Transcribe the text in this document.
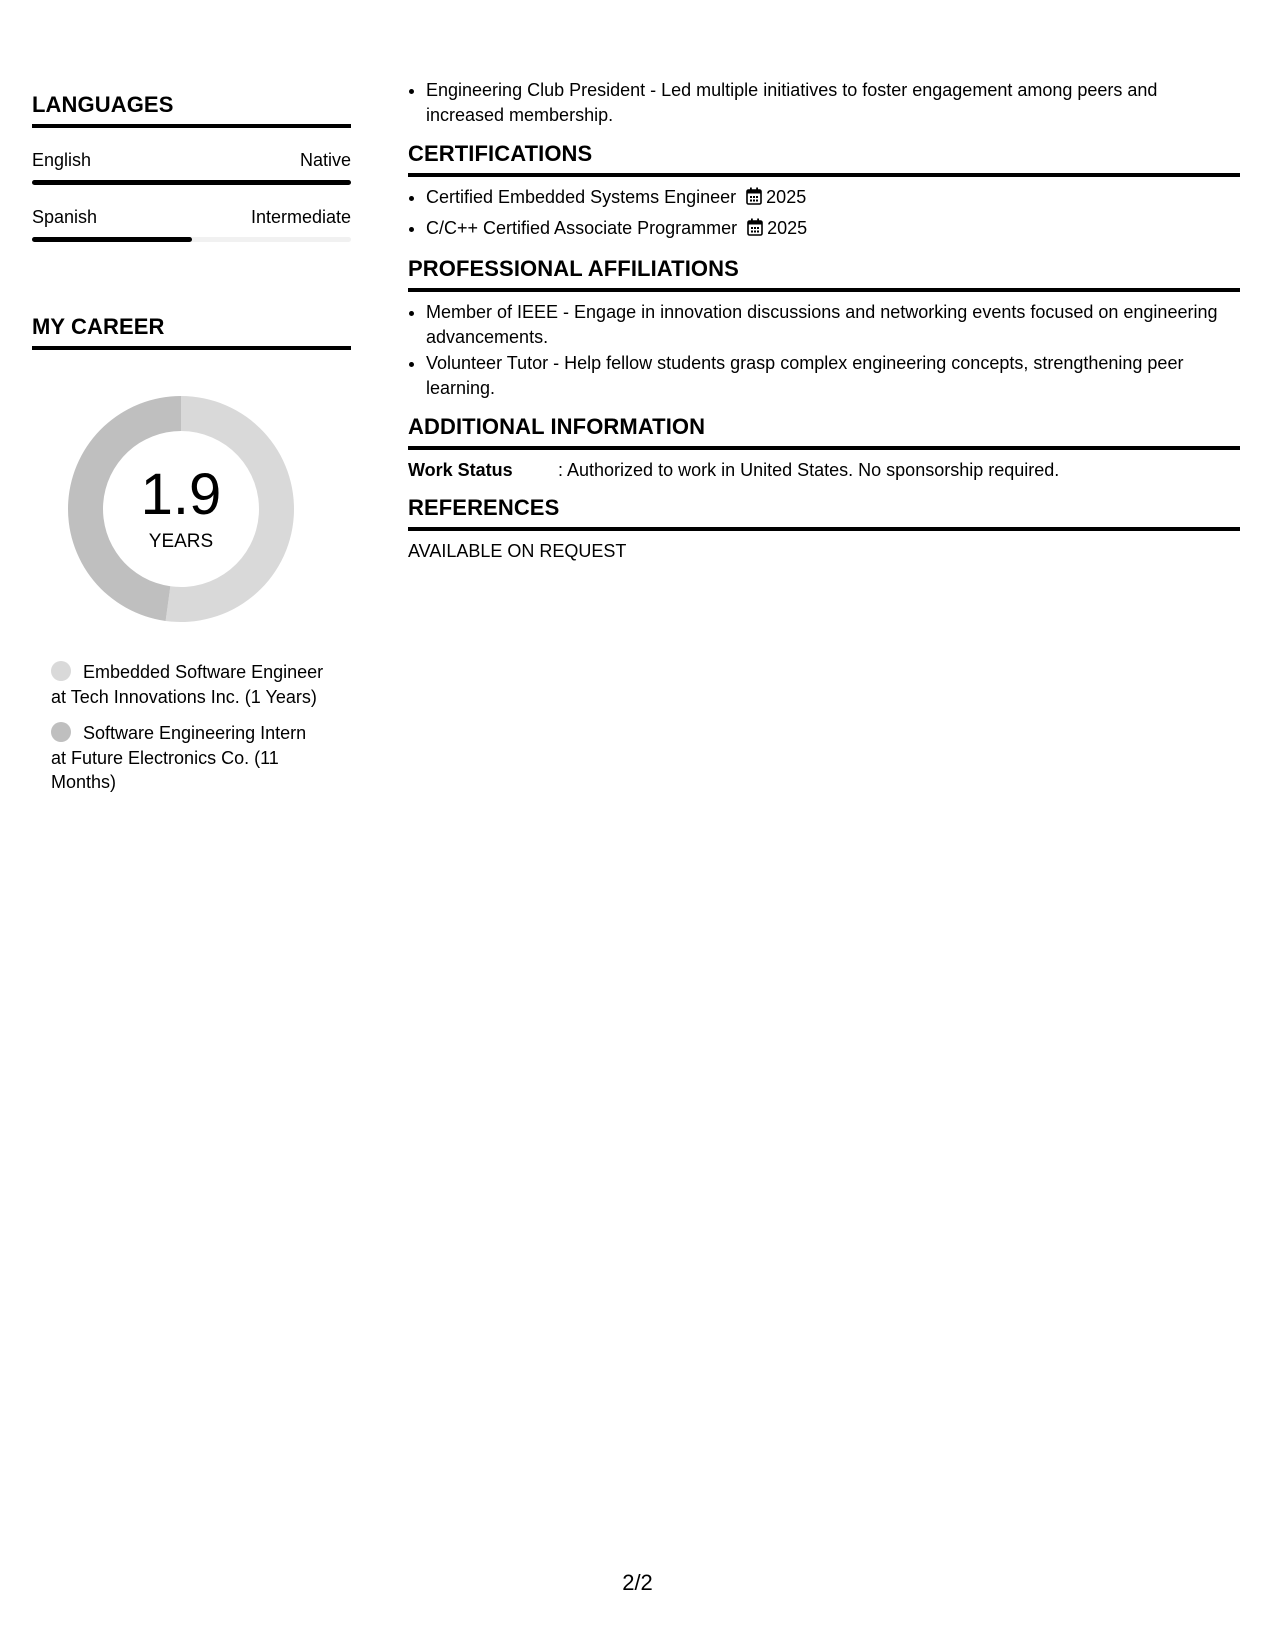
LANGUAGES
English	Native
Spanish	Intermediate
MY CAREER
1.9
YEARS
Embedded Software Engineer at Tech Innovations Inc. (1 Years)
Software Engineering Intern at Future Electronics Co. (11 Months)
• Engineering Club President - Led multiple initiatives to foster engagement among peers and increased membership.
CERTIFICATIONS
• Certified Embedded Systems Engineer 2025
• C/C++ Certified Associate Programmer 2025
PROFESSIONAL AFFILIATIONS
• Member of IEEE - Engage in innovation discussions and networking events focused on engineering advancements.
• Volunteer Tutor - Help fellow students grasp complex engineering concepts, strengthening peer learning.
ADDITIONAL INFORMATION
Work Status	: Authorized to work in United States. No sponsorship required.
REFERENCES
AVAILABLE ON REQUEST
2/2
